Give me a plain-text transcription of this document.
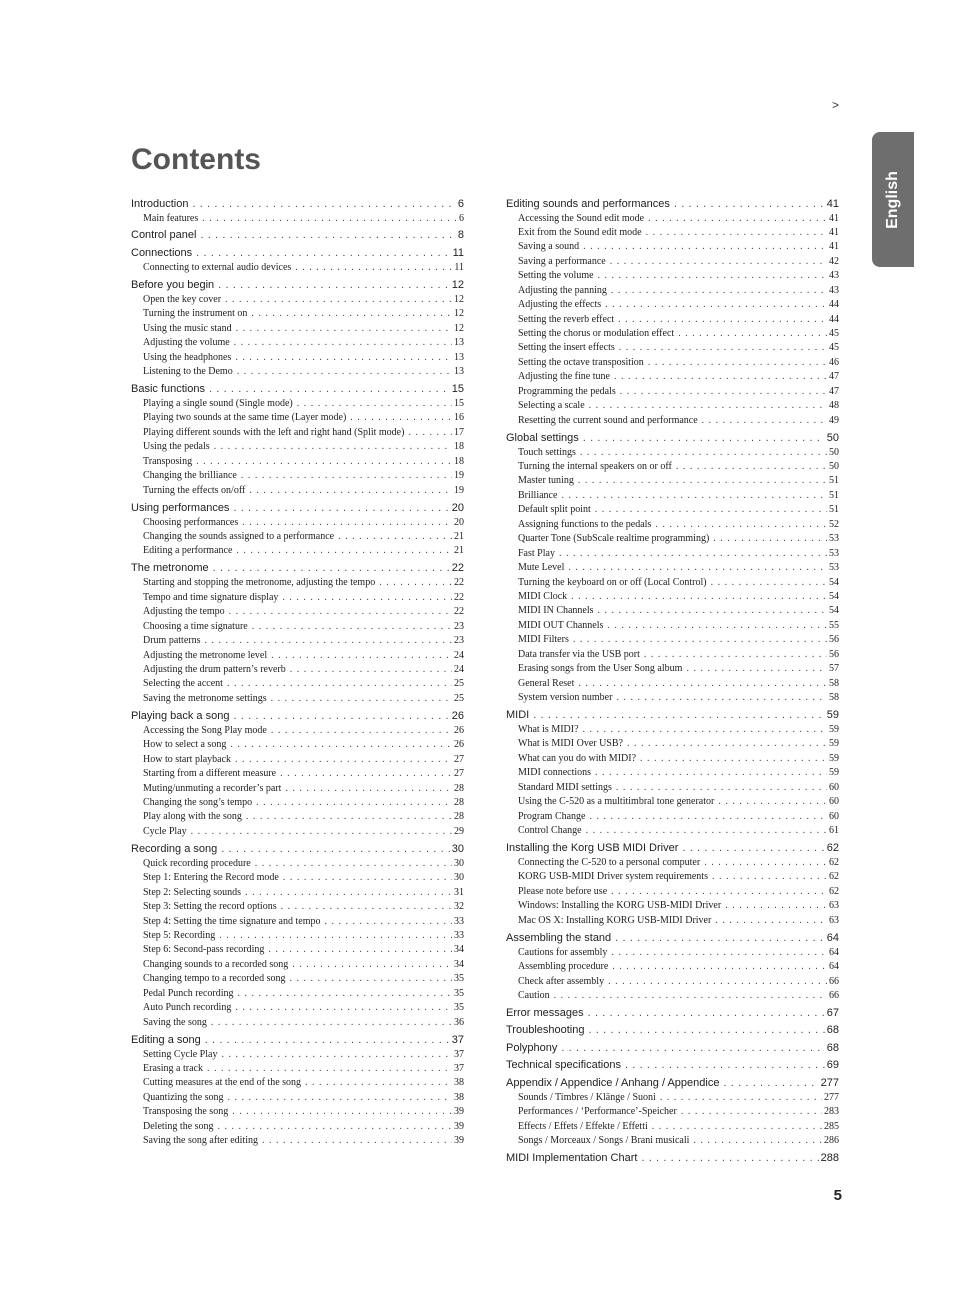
>
English
Contents
Introduction . . .	6
Main features . . .	6
Control panel . . .	8
Connections . . .	11
Connecting to external audio devices . . .	11
Before you begin . . .	12
Open the key cover . . .	12
Turning the instrument on . . .	12
Using the music stand . . .	12
Adjusting the volume . . .	13
Using the headphones . . .	13
Listening to the Demo . . .	13
Basic functions . . .	15
Playing a single sound (Single mode) . . .	15
Playing two sounds at the same time (Layer mode) . . .	16
Playing different sounds with the left and right hand (Split mode) . . .	17
Using the pedals . . .	18
Transposing . . .	18
Changing the brilliance . . .	19
Turning the effects on/off . . .	19
Using performances . . .	20
Choosing performances . . .	20
Changing the sounds assigned to a performance . . .	21
Editing a performance . . .	21
The metronome . . .	22
Starting and stopping the metronome, adjusting the tempo . . .	22
Tempo and time signature display . . .	22
Adjusting the tempo . . .	22
Choosing a time signature . . .	23
Drum patterns . . .	23
Adjusting the metronome level . . .	24
Adjusting the drum pattern’s reverb . . .	24
Selecting the accent . . .	25
Saving the metronome settings . . .	25
Playing back a song . . .	26
Accessing the Song Play mode . . .	26
How to select a song . . .	26
How to start playback . . .	27
Starting from a different measure . . .	27
Muting/unmuting a recorder’s part . . .	28
Changing the song’s tempo . . .	28
Play along with the song . . .	28
Cycle Play . . .	29
Recording a song . . .	30
Quick recording procedure . . .	30
Step 1: Entering the Record mode . . .	30
Step 2: Selecting sounds . . .	31
Step 3: Setting the record options . . .	32
Step 4: Setting the time signature and tempo . . .	33
Step 5: Recording . . .	33
Step 6: Second-pass recording . . .	34
Changing sounds to a recorded song . . .	34
Changing tempo to a recorded song . . .	35
Pedal Punch recording . . .	35
Auto Punch recording . . .	35
Saving the song . . .	36
Editing a song . . .	37
Setting Cycle Play . . .	37
Erasing a track . . .	37
Cutting measures at the end of the song . . .	38
Quantizing the song . . .	38
Transposing the song . . .	39
Deleting the song . . .	39
Saving the song after editing . . .	39
Editing sounds and performances . . .	41
Accessing the Sound edit mode . . .	41
Exit from the Sound edit mode . . .	41
Saving a sound . . .	41
Saving a performance . . .	42
Setting the volume . . .	43
Adjusting the panning . . .	43
Adjusting the effects . . .	44
Setting the reverb effect . . .	44
Setting the chorus or modulation effect . . .	45
Setting the insert effects . . .	45
Setting the octave transposition . . .	46
Adjusting the fine tune . . .	47
Programming the pedals . . .	47
Selecting a scale . . .	48
Resetting the current sound and performance . . .	49
Global settings . . .	50
Touch settings . . .	50
Turning the internal speakers on or off . . .	50
Master tuning . . .	51
Brilliance . . .	51
Default split point . . .	51
Assigning functions to the pedals . . .	52
Quarter Tone (SubScale realtime programming) . . .	53
Fast Play . . .	53
Mute Level . . .	53
Turning the keyboard on or off (Local Control) . . .	54
MIDI Clock . . .	54
MIDI IN Channels . . .	54
MIDI OUT Channels . . .	55
MIDI Filters . . .	56
Data transfer via the USB port . . .	56
Erasing songs from the User Song album . . .	57
General Reset . . .	58
System version number . . .	58
MIDI . . .	59
What is MIDI? . . .	59
What is MIDI Over USB? . . .	59
What can you do with MIDI? . . .	59
MIDI connections . . .	59
Standard MIDI settings . . .	60
Using the C-520 as a multitimbral tone generator . . .	60
Program Change . . .	60
Control Change . . .	61
Installing the Korg USB MIDI Driver . . .	62
Connecting the C-520 to a personal computer . . .	62
KORG USB-MIDI Driver system requirements . . .	62
Please note before use . . .	62
Windows: Installing the KORG USB-MIDI Driver . . .	63
Mac OS X: Installing KORG USB-MIDI Driver . . .	63
Assembling the stand . . .	64
Cautions for assembly . . .	64
Assembling procedure . . .	64
Check after assembly . . .	66
Caution . . .	66
Error messages . . .	67
Troubleshooting . . .	68
Polyphony . . .	68
Technical specifications . . .	69
Appendix / Appendice / Anhang / Appendice . . .	277
Sounds / Timbres / Klänge / Suoni . . .	277
Performances / ‘Performance’-Speicher . . .	283
Effects / Effets / Effekte / Effetti . . .	285
Songs / Morceaux / Songs / Brani musicali . . .	286
MIDI Implementation Chart . . .	288
5
